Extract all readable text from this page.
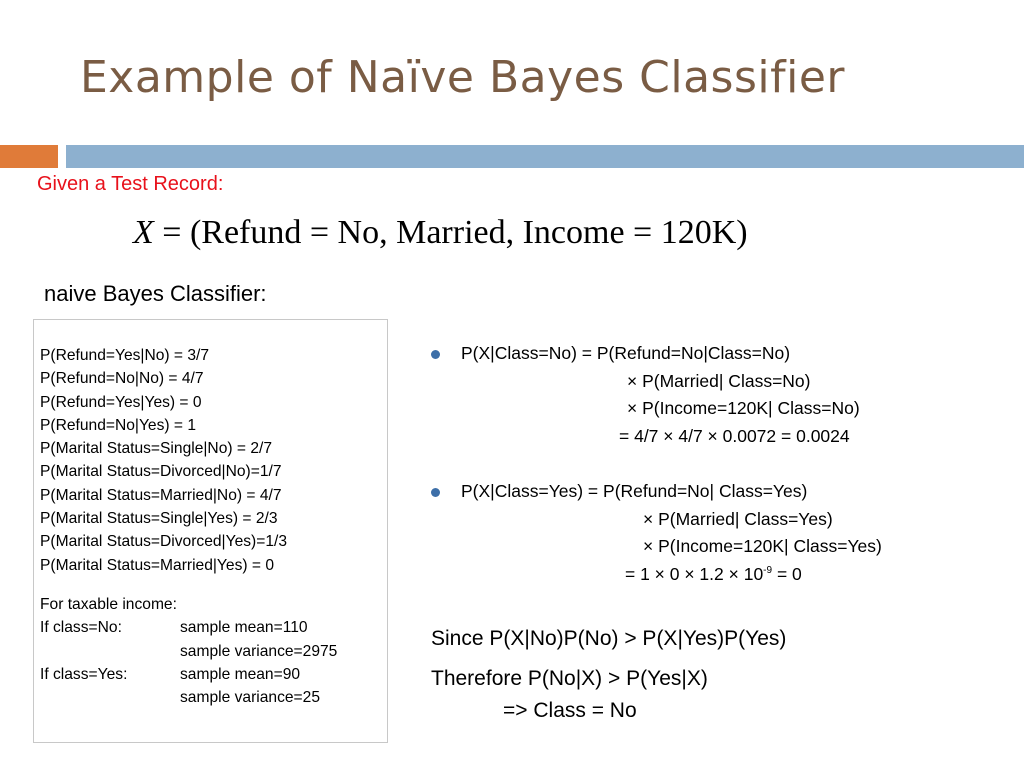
Example of Naïve Bayes Classifier
Given a Test Record:
X = (Refund = No, Married, Income = 120K)
naive Bayes Classifier:
P(Refund=Yes|No) = 3/7
P(Refund=No|No) = 4/7
P(Refund=Yes|Yes) = 0
P(Refund=No|Yes) = 1
P(Marital Status=Single|No) = 2/7
P(Marital Status=Divorced|No)=1/7
P(Marital Status=Married|No) = 4/7
P(Marital Status=Single|Yes) = 2/3
P(Marital Status=Divorced|Yes)=1/3
P(Marital Status=Married|Yes) = 0
For taxable income:
If class=No:	sample mean=110
sample variance=2975
If class=Yes:	sample mean=90
sample variance=25
P(X|Class=No) = P(Refund=No|Class=No)
× P(Married| Class=No)
× P(Income=120K| Class=No)
= 4/7 × 4/7 × 0.0072 = 0.0024
P(X|Class=Yes) = P(Refund=No| Class=Yes)
× P(Married| Class=Yes)
× P(Income=120K| Class=Yes)
= $1 \times 0 \times 1.2 \times 10^{-9} = 0$
Since P(X|No)P(No) > P(X|Yes)P(Yes)
Therefore P(No|X) > P(Yes|X)
=> Class = No
